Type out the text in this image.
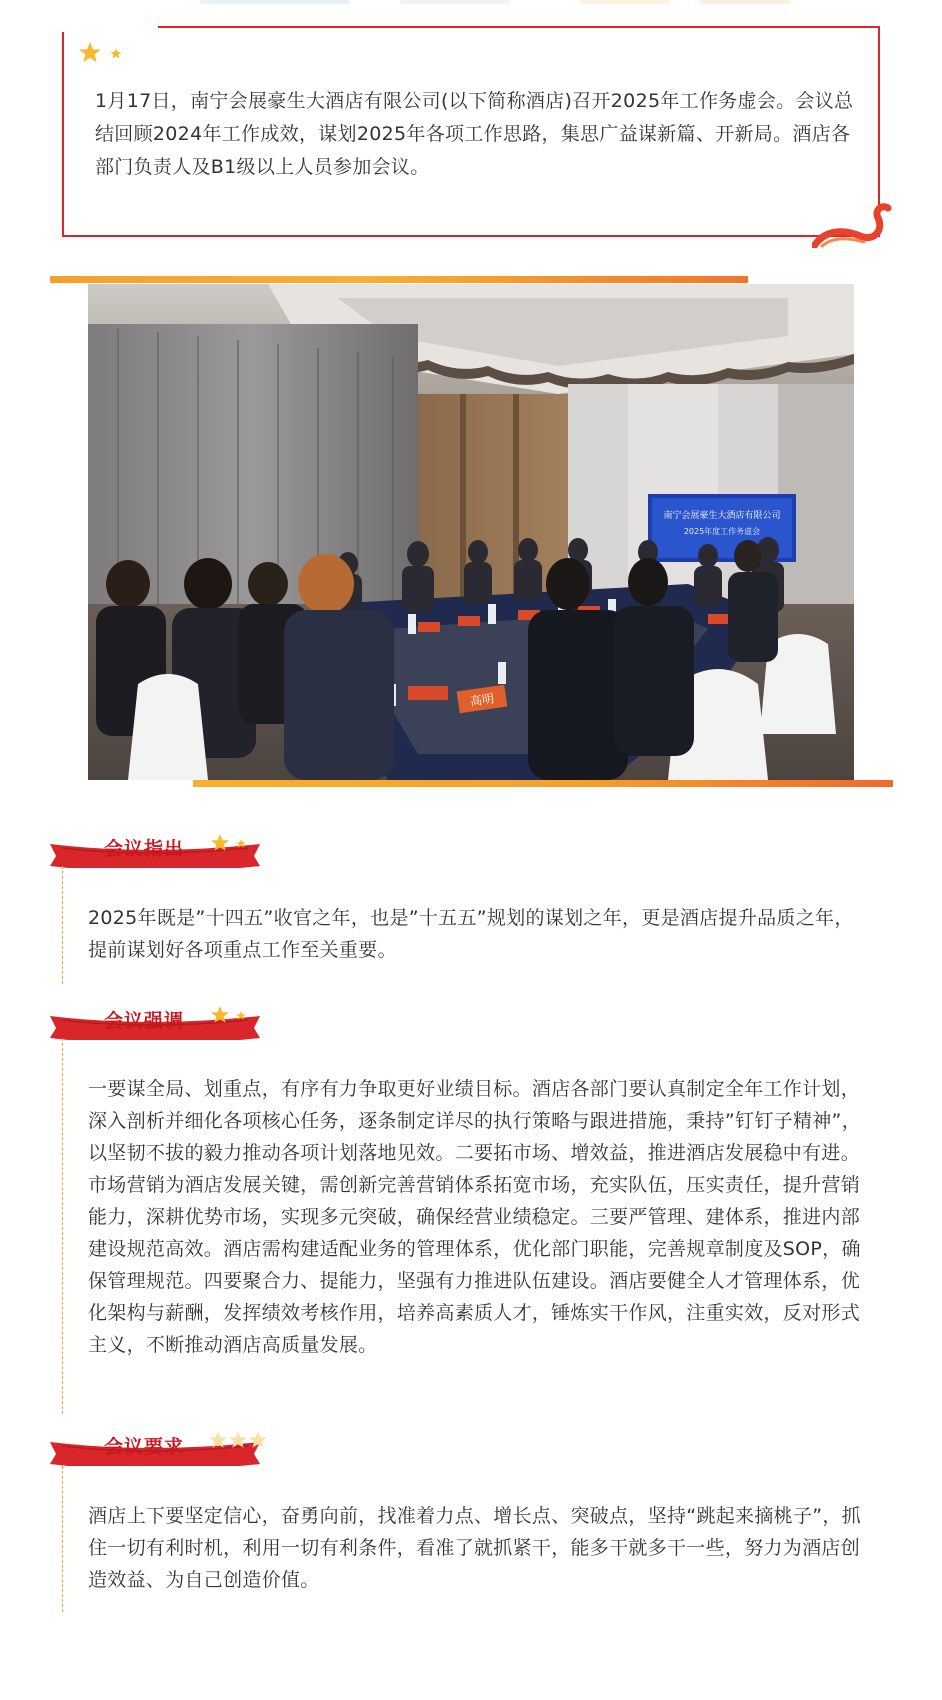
1月17日，南宁会展豪生大酒店有限公司(以下简称酒店)召开2025年工作务虚会。会议总结回顾2024年工作成效，谋划2025年各项工作思路，集思广益谋新篇、开新局。酒店各部门负责人及B1级以上人员参加会议。
南宁会展豪生大酒店有限公司
2025年度工作务虚会
高明
会议指出
2025年既是”十四五”收官之年，也是”十五五”规划的谋划之年，更是酒店提升品质之年，提前谋划好各项重点工作至关重要。
会议强调
一要谋全局、划重点，有序有力争取更好业绩目标。酒店各部门要认真制定全年工作计划，深入剖析并细化各项核心任务，逐条制定详尽的执行策略与跟进措施，秉持”钉钉子精神”，以坚韧不拔的毅力推动各项计划落地见效。二要拓市场、增效益，推进酒店发展稳中有进。市场营销为酒店发展关键，需创新完善营销体系拓宽市场，充实队伍，压实责任，提升营销能力，深耕优势市场，实现多元突破，确保经营业绩稳定。三要严管理、建体系，推进内部建设规范高效。酒店需构建适配业务的管理体系，优化部门职能，完善规章制度及SOP，确保管理规范。四要聚合力、提能力，坚强有力推进队伍建设。酒店要健全人才管理体系，优化架构与薪酬，发挥绩效考核作用，培养高素质人才，锤炼实干作风，注重实效，反对形式主义，不断推动酒店高质量发展。
会议要求
酒店上下要坚定信心，奋勇向前，找准着力点、增长点、突破点，坚持“跳起来摘桃子”，抓住一切有利时机，利用一切有利条件，看准了就抓紧干，能多干就多干一些，努力为酒店创造效益、为自己创造价值。
